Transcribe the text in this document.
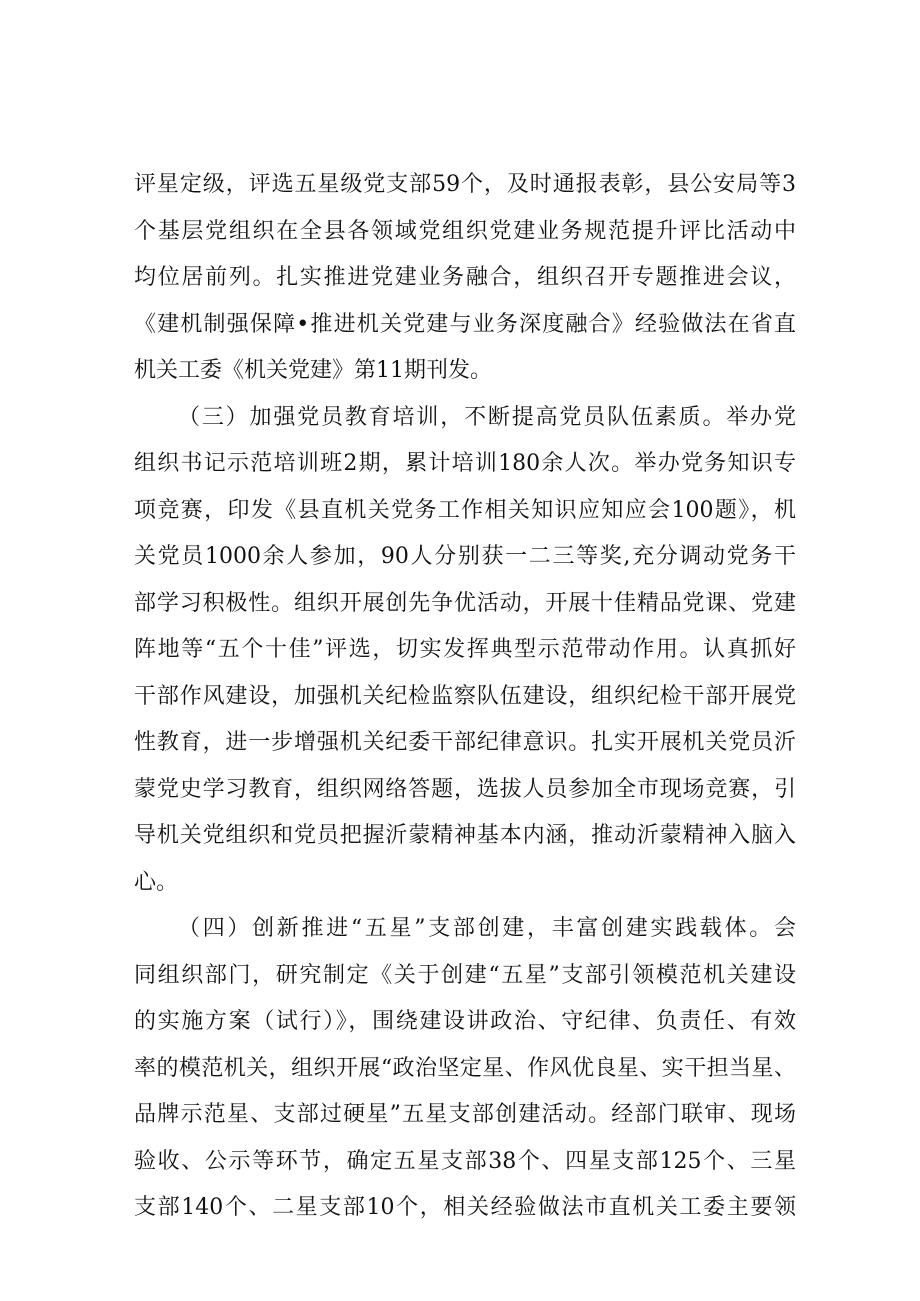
评星定级，评选五星级党支部59个，及时通报表彰，县公安局等3
个基层党组织在全县各领域党组织党建业务规范提升评比活动中
均位居前列。扎实推进党建业务融合，组织召开专题推进会议，
《建机制强保障•推进机关党建与业务深度融合》经验做法在省直
机关工委《机关党建》第11期刊发。
（三）加强党员教育培训，不断提高党员队伍素质。举办党
组织书记示范培训班2期，累计培训180余人次。举办党务知识专
项竞赛，印发《县直机关党务工作相关知识应知应会100题》，机
关党员1000余人参加，90人分别获一二三等奖,充分调动党务干
部学习积极性。组织开展创先争优活动，开展十佳精品党课、党建
阵地等“五个十佳”评选，切实发挥典型示范带动作用。认真抓好
干部作风建设，加强机关纪检监察队伍建设，组织纪检干部开展党
性教育，进一步增强机关纪委干部纪律意识。扎实开展机关党员沂
蒙党史学习教育，组织网络答题，选拔人员参加全市现场竞赛，引
导机关党组织和党员把握沂蒙精神基本内涵，推动沂蒙精神入脑入
心。
（四）创新推进“五星”支部创建，丰富创建实践载体。会
同组织部门，研究制定《关于创建“五星”支部引领模范机关建设
的实施方案（试行）》，围绕建设讲政治、守纪律、负责任、有效
率的模范机关，组织开展“政治坚定星、作风优良星、实干担当星、
品牌示范星、支部过硬星”五星支部创建活动。经部门联审、现场
验收、公示等环节，确定五星支部38个、四星支部125个、三星
支部140个、二星支部10个，相关经验做法市直机关工委主要领
